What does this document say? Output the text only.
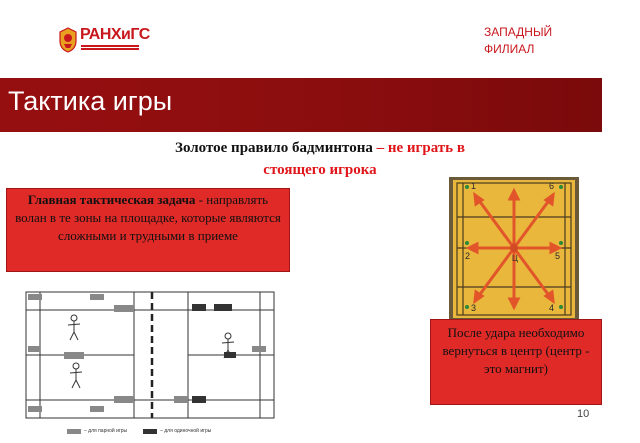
РАНХиГС	ЗАПАДНЫЙ
ФИЛИАЛ
Тактика игры
Золотое правило бадминтона – не играть в стоящего игрока
Главная тактическая задача - направлять волан в те зоны на площадке, которые являются сложными и трудными в приеме
1	6
2	5
3	4
Ц
– для парной игры	– для одиночной игры
После удара необходимо вернуться в центр (центр - это магнит)
10
